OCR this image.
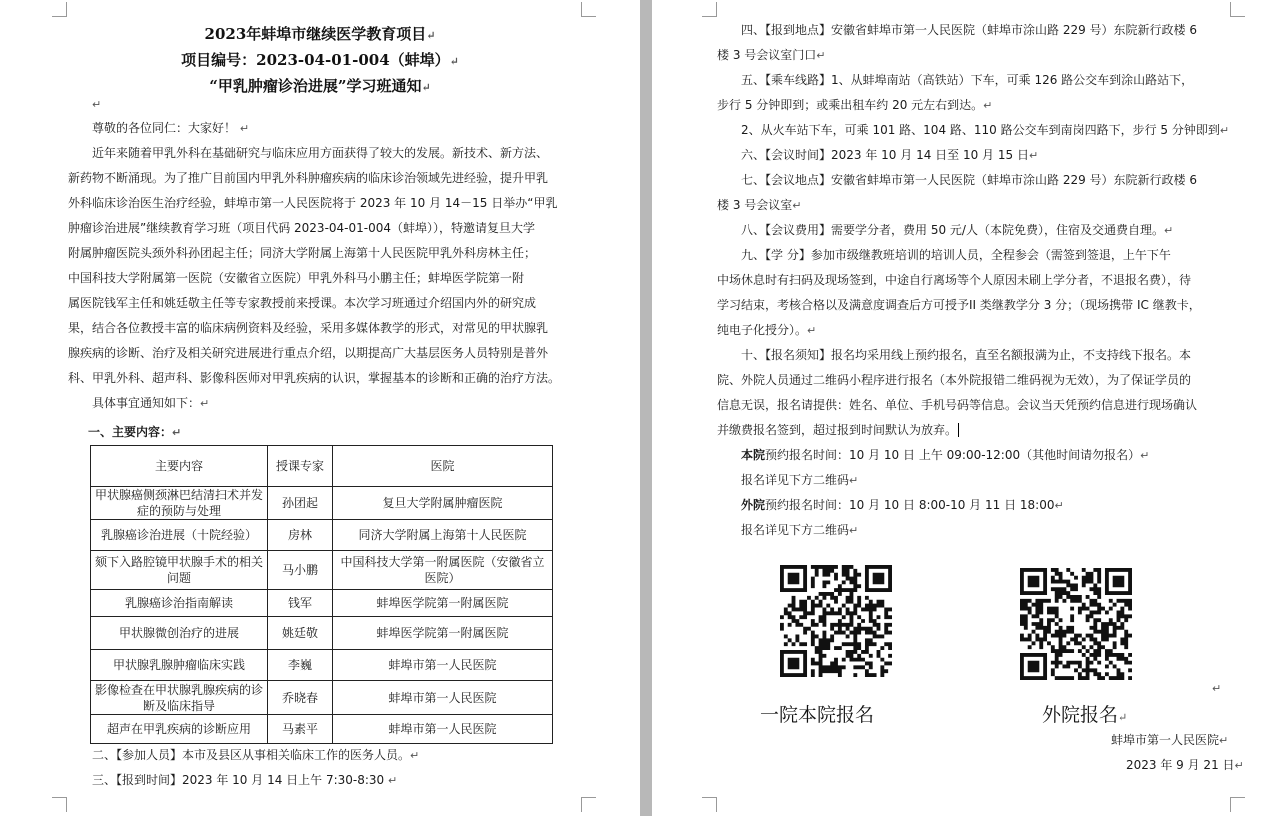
2023年蚌埠市继续医学教育项目↵
项目编号：2023-04-01-004（蚌埠）↵
“甲乳肿瘤诊治进展”学习班通知↵
↵
尊敬的各位同仁：大家好！ ↵
近年来随着甲乳外科在基础研究与临床应用方面获得了较大的发展。新技术、新方法、
新药物不断涌现。为了推广目前国内甲乳外科肿瘤疾病的临床诊治领域先进经验，提升甲乳
外科临床诊治医生治疗经验，蚌埠市第一人民医院将于 2023 年 10 月 14－15 日举办“甲乳
肿瘤诊治进展”继续教育学习班（项目代码 2023-04-01-004（蚌埠）），特邀请复旦大学
附属肿瘤医院头颈外科孙团起主任；同济大学附属上海第十人民医院甲乳外科房林主任；
中国科技大学附属第一医院（安徽省立医院）甲乳外科马小鹏主任；蚌埠医学院第一附
属医院钱军主任和姚廷敬主任等专家教授前来授课。本次学习班通过介绍国内外的研究成
果，结合各位教授丰富的临床病例资料及经验，采用多媒体教学的形式，对常见的甲状腺乳
腺疾病的诊断、治疗及相关研究进展进行重点介绍，以期提高广大基层医务人员特别是普外
科、甲乳外科、超声科、影像科医师对甲乳疾病的认识，掌握基本的诊断和正确的治疗方法。
具体事宜通知如下：↵
一、主要内容：↵
主要内容	授课专家	医院
甲状腺癌侧颈淋巴结清扫术并发症的预防与处理	孙团起	复旦大学附属肿瘤医院
乳腺癌诊治进展（十院经验）	房林	同济大学附属上海第十人民医院
颏下入路腔镜甲状腺手术的相关问题	马小鹏	中国科技大学第一附属医院（安徽省立医院）
乳腺癌诊治指南解读	钱军	蚌埠医学院第一附属医院
甲状腺微创治疗的进展	姚廷敬	蚌埠医学院第一附属医院
甲状腺乳腺肿瘤临床实践	李巍	蚌埠市第一人民医院
影像检查在甲状腺乳腺疾病的诊断及临床指导	乔晓春	蚌埠市第一人民医院
超声在甲乳疾病的诊断应用	马素平	蚌埠市第一人民医院
二、【参加人员】本市及县区从事相关临床工作的医务人员。↵
三、【报到时间】2023 年 10 月 14 日上午 7:30-8:30 ↵
四、【报到地点】安徽省蚌埠市第一人民医院（蚌埠市涂山路 229 号）东院新行政楼 6
楼 3 号会议室门口↵
五、【乘车线路】1、从蚌埠南站（高铁站）下车，可乘 126 路公交车到涂山路站下，
步行 5 分钟即到；或乘出租车约 20 元左右到达。↵
2、从火车站下车，可乘 101 路、104 路、110 路公交车到南岗四路下，步行 5 分钟即到↵
六、【会议时间】2023 年 10 月 14 日至 10 月 15 日↵
七、【会议地点】安徽省蚌埠市第一人民医院（蚌埠市涂山路 229 号）东院新行政楼 6
楼 3 号会议室↵
八、【会议费用】需要学分者，费用 50 元/人（本院免费），住宿及交通费自理。↵
九、【学 分】参加市级继教班培训的培训人员，全程参会（需签到签退，上午下午
中场休息时有扫码及现场签到，中途自行离场等个人原因未刷上学分者，不退报名费），待
学习结束，考核合格以及满意度调查后方可授予II 类继教学分 3 分；（现场携带 IC 继教卡，
纯电子化授分）。↵
十、【报名须知】报名均采用线上预约报名，直至名额报满为止，不支持线下报名。本
院、外院人员通过二维码小程序进行报名（本外院报错二维码视为无效），为了保证学员的
信息无误，报名请提供：姓名、单位、手机号码等信息。会议当天凭预约信息进行现场确认
并缴费报名签到，超过报到时间默认为放弃。
本院预约报名时间：10 月 10 日 上午 09:00-12:00（其他时间请勿报名）↵
报名详见下方二维码↵
外院预约报名时间：10 月 10 日 8:00-10 月 11 日 18:00↵
报名详见下方二维码↵
↵
一院本院报名	外院报名↵
蚌埠市第一人民医院↵
2023 年 9 月 21 日↵
